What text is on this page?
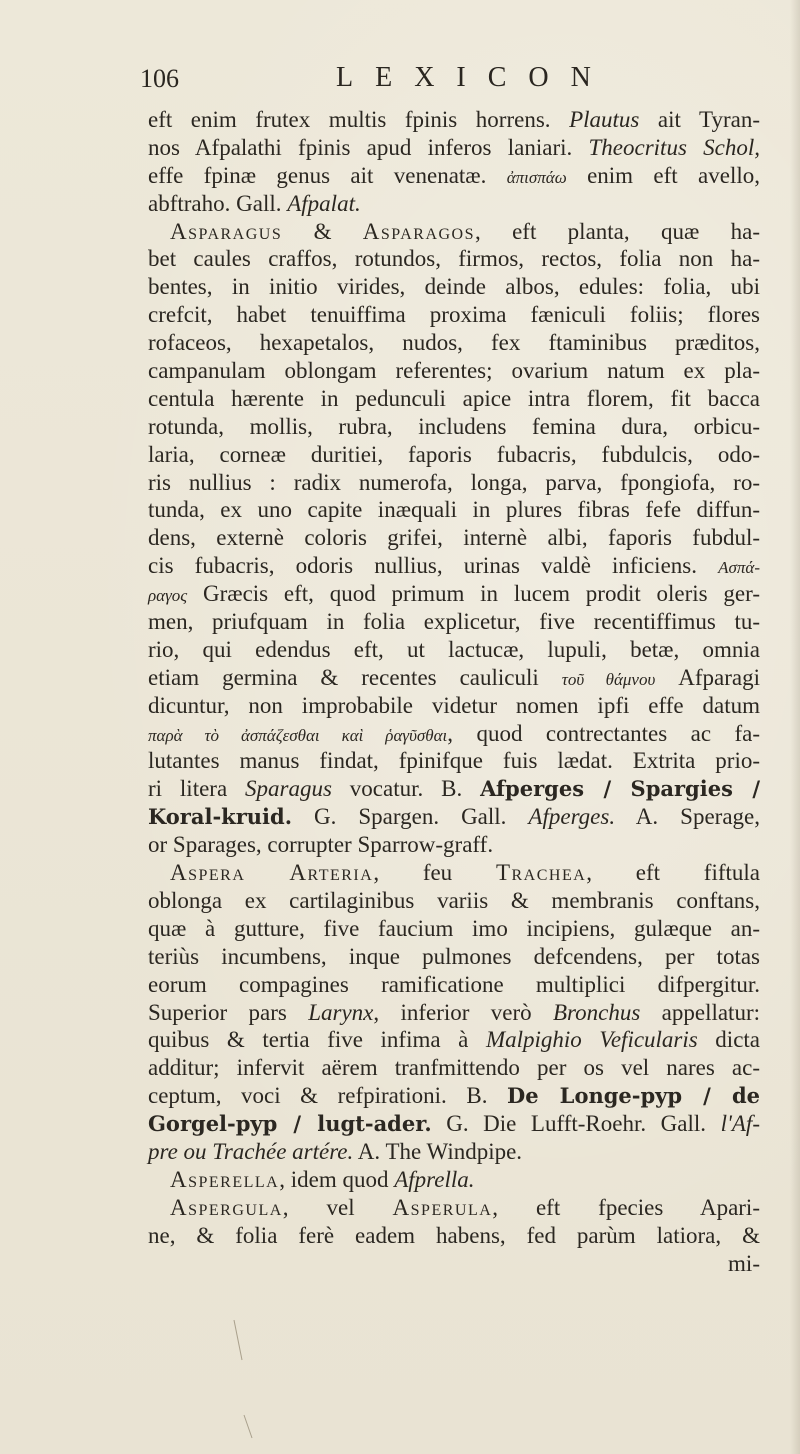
106	LEXICON
eft enim frutex multis fpinis horrens. Plautus ait Tyran-
nos Afpalathi fpinis apud inferos laniari. Theocritus Schol,
effe fpinæ genus ait venenatæ. ἀπισπάω enim eft avello,
abftraho. Gall. Afpalat.
Asparagus & Asparagos, eft planta, quæ ha-
bet caules craffos, rotundos, firmos, rectos, folia non ha-
bentes, in initio virides, deinde albos, edules: folia, ubi
crefcit, habet tenuiffima proxima fæniculi foliis; flores
rofaceos, hexapetalos, nudos, fex ftaminibus præditos,
campanulam oblongam referentes; ovarium natum ex pla-
centula hærente in pedunculi apice intra florem, fit bacca
rotunda, mollis, rubra, includens femina dura, orbicu-
laria, corneæ duritiei, faporis fubacris, fubdulcis, odo-
ris nullius : radix numerofa, longa, parva, fpongiofa, ro-
tunda, ex uno capite inæquali in plures fibras fefe diffun-
dens, externè coloris grifei, internè albi, faporis fubdul-
cis fubacris, odoris nullius, urinas valdè inficiens. Ασπά-
ραγος Græcis eft, quod primum in lucem prodit oleris ger-
men, priufquam in folia explicetur, five recentiffimus tu-
rio, qui edendus eft, ut lactucæ, lupuli, betæ, omnia
etiam germina & recentes cauliculi τοῦ θάμνου Afparagi
dicuntur, non improbabile videtur nomen ipfi effe datum
παρὰ τὸ ἀσπάζεσθαι καὶ ῥαγῦσθαι, quod contrectantes ac fa-
lutantes manus findat, fpinifque fuis lædat. Extrita prio-
ri litera Sparagus vocatur. B. Afperges / Spargies /
Koral-kruid. G. Spargen. Gall. Afperges. A. Sperage,
or Sparages, corrupter Sparrow-graff.
Aspera Arteria, feu Trachea, eft fiftula
oblonga ex cartilaginibus variis & membranis conftans,
quæ à gutture, five faucium imo incipiens, gulæque an-
teriùs incumbens, inque pulmones defcendens, per totas
eorum compagines ramificatione multiplici difpergitur.
Superior pars Larynx, inferior verò Bronchus appellatur:
quibus & tertia five infima à Malpighio Veficularis dicta
additur; infervit aërem tranfmittendo per os vel nares ac-
ceptum, voci & refpirationi. B. De Longe-pyp / de
Gorgel-pyp / lugt-ader. G. Die Lufft-Roehr. Gall. l'Af-
pre ou Trachée artére. A. The Windpipe.
Asperella, idem quod Afprella.
Aspergula, vel Asperula, eft fpecies Apari-
ne, & folia ferè eadem habens, fed parùm latiora, &
mi-
